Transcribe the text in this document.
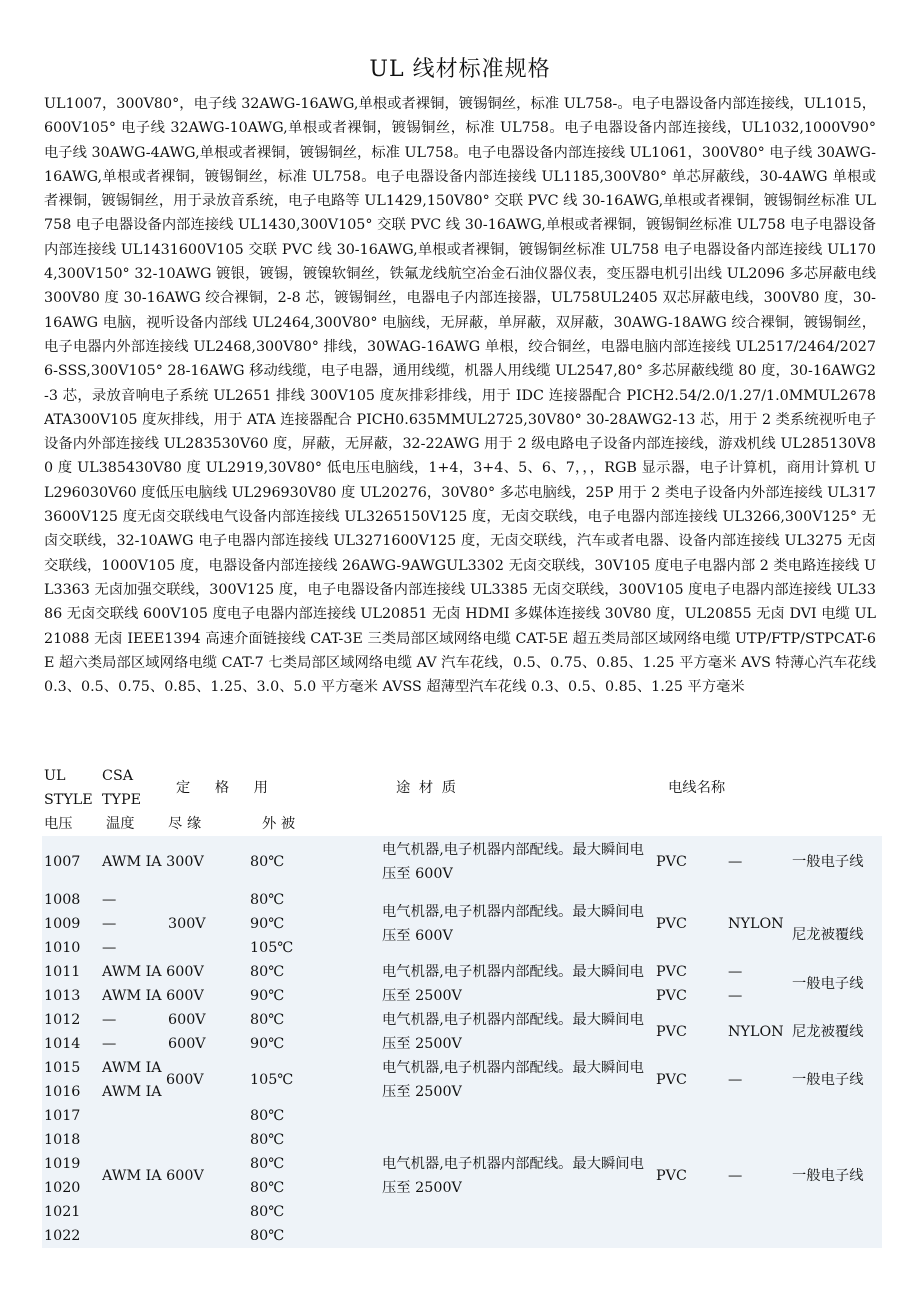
UL 线材标准规格
UL1007，300V80°，电子线 32AWG-16AWG,单根或者裸铜，镀锡铜丝，标准 UL758-。电子电器设备内部连接线，UL1015，600V105° 电子线 32AWG-10AWG,单根或者裸铜，镀锡铜丝，标准 UL758。电子电器设备内部连接线，UL1032,1000V90° 电子线 30AWG-4AWG,单根或者裸铜，镀锡铜丝，标准 UL758。电子电器设备内部连接线 UL1061，300V80° 电子线 30AWG-16AWG,单根或者裸铜，镀锡铜丝，标准 UL758。电子电器设备内部连接线 UL1185,300V80° 单芯屏蔽线，30-4AWG 单根或者裸铜，镀锡铜丝，用于录放音系统，电子电路等 UL1429,150V80° 交联 PVC 线 30-16AWG,单根或者裸铜，镀锡铜丝标准 UL758 电子电器设备内部连接线 UL1430,300V105° 交联 PVC 线 30-16AWG,单根或者裸铜，镀锡铜丝标准 UL758 电子电器设备内部连接线 UL1431600V105 交联 PVC 线 30-16AWG,单根或者裸铜，镀锡铜丝标准 UL758 电子电器设备内部连接线 UL1704,300V150° 32-10AWG 镀银，镀锡，镀镍软铜丝，铁氟龙线航空冶金石油仪器仪表，变压器电机引出线 UL2096 多芯屏蔽电线 300V80 度 30-16AWG 绞合裸铜，2-8 芯，镀锡铜丝，电器电子内部连接器，UL758UL2405 双芯屏蔽电线，300V80 度，30-16AWG 电脑，视听设备内部线 UL2464,300V80° 电脑线，无屏蔽，单屏蔽，双屏蔽，30AWG-18AWG 绞合裸铜，镀锡铜丝，电子电器内外部连接线 UL2468,300V80° 排线，30WAG-16AWG 单根，绞合铜丝，电器电脑内部连接线 UL2517/2464/20276-SSS,300V105° 28-16AWG 移动线缆，电子电器，通用线缆，机器人用线缆 UL2547,80° 多芯屏蔽线缆 80 度，30-16AWG2-3 芯，录放音响电子系统 UL2651 排线 300V105 度灰排彩排线，用于 IDC 连接器配合 PICH2.54/2.0/1.27/1.0MMUL2678ATA300V105 度灰排线，用于 ATA 连接器配合 PICH0.635MMUL2725,30V80° 30-28AWG2-13 芯，用于 2 类系统视听电子设备内外部连接线 UL283530V60 度，屏蔽，无屏蔽，32-22AWG 用于 2 级电路电子设备内部连接线，游戏机线 UL285130V80 度 UL385430V80 度 UL2919,30V80° 低电压电脑线，1+4，3+4、5、6、7，，，RGB 显示器，电子计算机，商用计算机 UL296030V60 度低压电脑线 UL296930V80 度 UL20276，30V80° 多芯电脑线，25P 用于 2 类电子设备内外部连接线 UL3173600V125 度无卤交联线电气设备内部连接线 UL3265150V125 度，无卤交联线，电子电器内部连接线 UL3266,300V125° 无卤交联线，32-10AWG 电子电器内部连接线 UL3271600V125 度，无卤交联线，汽车或者电器、设备内部连接线 UL3275 无卤交联线，1000V105 度，电器设备内部连接线 26AWG-9AWGUL3302 无卤交联线，30V105 度电子电器内部 2 类电路连接线 UL3363 无卤加强交联线，300V125 度，电子电器设备内部连接线 UL3385 无卤交联线，300V105 度电子电器内部连接线 UL3386 无卤交联线 600V105 度电子电器内部连接线 UL20851 无卤 HDMI 多媒体连接线 30V80 度，UL20855 无卤 DVI 电缆 UL21088 无卤 IEEE1394 高速介面链接线 CAT-3E 三类局部区域网络电缆 CAT-5E 超五类局部区域网络电缆 UTP/FTP/STPCAT-6E 超六类局部区域网络电缆 CAT-7 七类局部区域网络电缆 AV 汽车花线，0.5、0.75、0.85、1.25 平方毫米 AVS 特薄心汽车花线 0.3、0.5、0.75、0.85、1.25、3.0、5.0 平方毫米 AVSS 超薄型汽车花线 0.3、0.5、0.85、1.25 平方毫米
UL STYLE	CSA TYPE	定 格 用		途 材 质	电线名称		
电压	温度	尽 缘	外 被				
1007	AWM IA 300V		80℃	电气机器,电子机器内部配线。最大瞬间电压至 600V	PVC	—	一般电子线
1008	—	300V	80℃	电气机器,电子机器内部配线。最大瞬间电压至 600V	PVC	NYLON	尼龙被覆线
1009	—		90℃				
1010	—		105℃				
1011	AWM IA 600V		80℃	电气机器,电子机器内部配线。最大瞬间电压至 2500V	PVC	—	一般电子线
1013	AWM IA 600V		90℃		PVC	—	
1012	—	600V	80℃	电气机器,电子机器内部配线。最大瞬间电压至 2500V	PVC	NYLON	尼龙被覆线
1014	—	600V	90℃				
1015	AWM IA	600V	105℃	电气机器,电子机器内部配线。最大瞬间电压至 2500V	PVC	—	一般电子线
1016	AWM IA						
1017	AWM IA 600V		80℃	电气机器,电子机器内部配线。最大瞬间电压至 2500V	PVC	—	一般电子线
1018			80℃				
1019			80℃				
1020			80℃				
1021			80℃				
1022			80℃				
